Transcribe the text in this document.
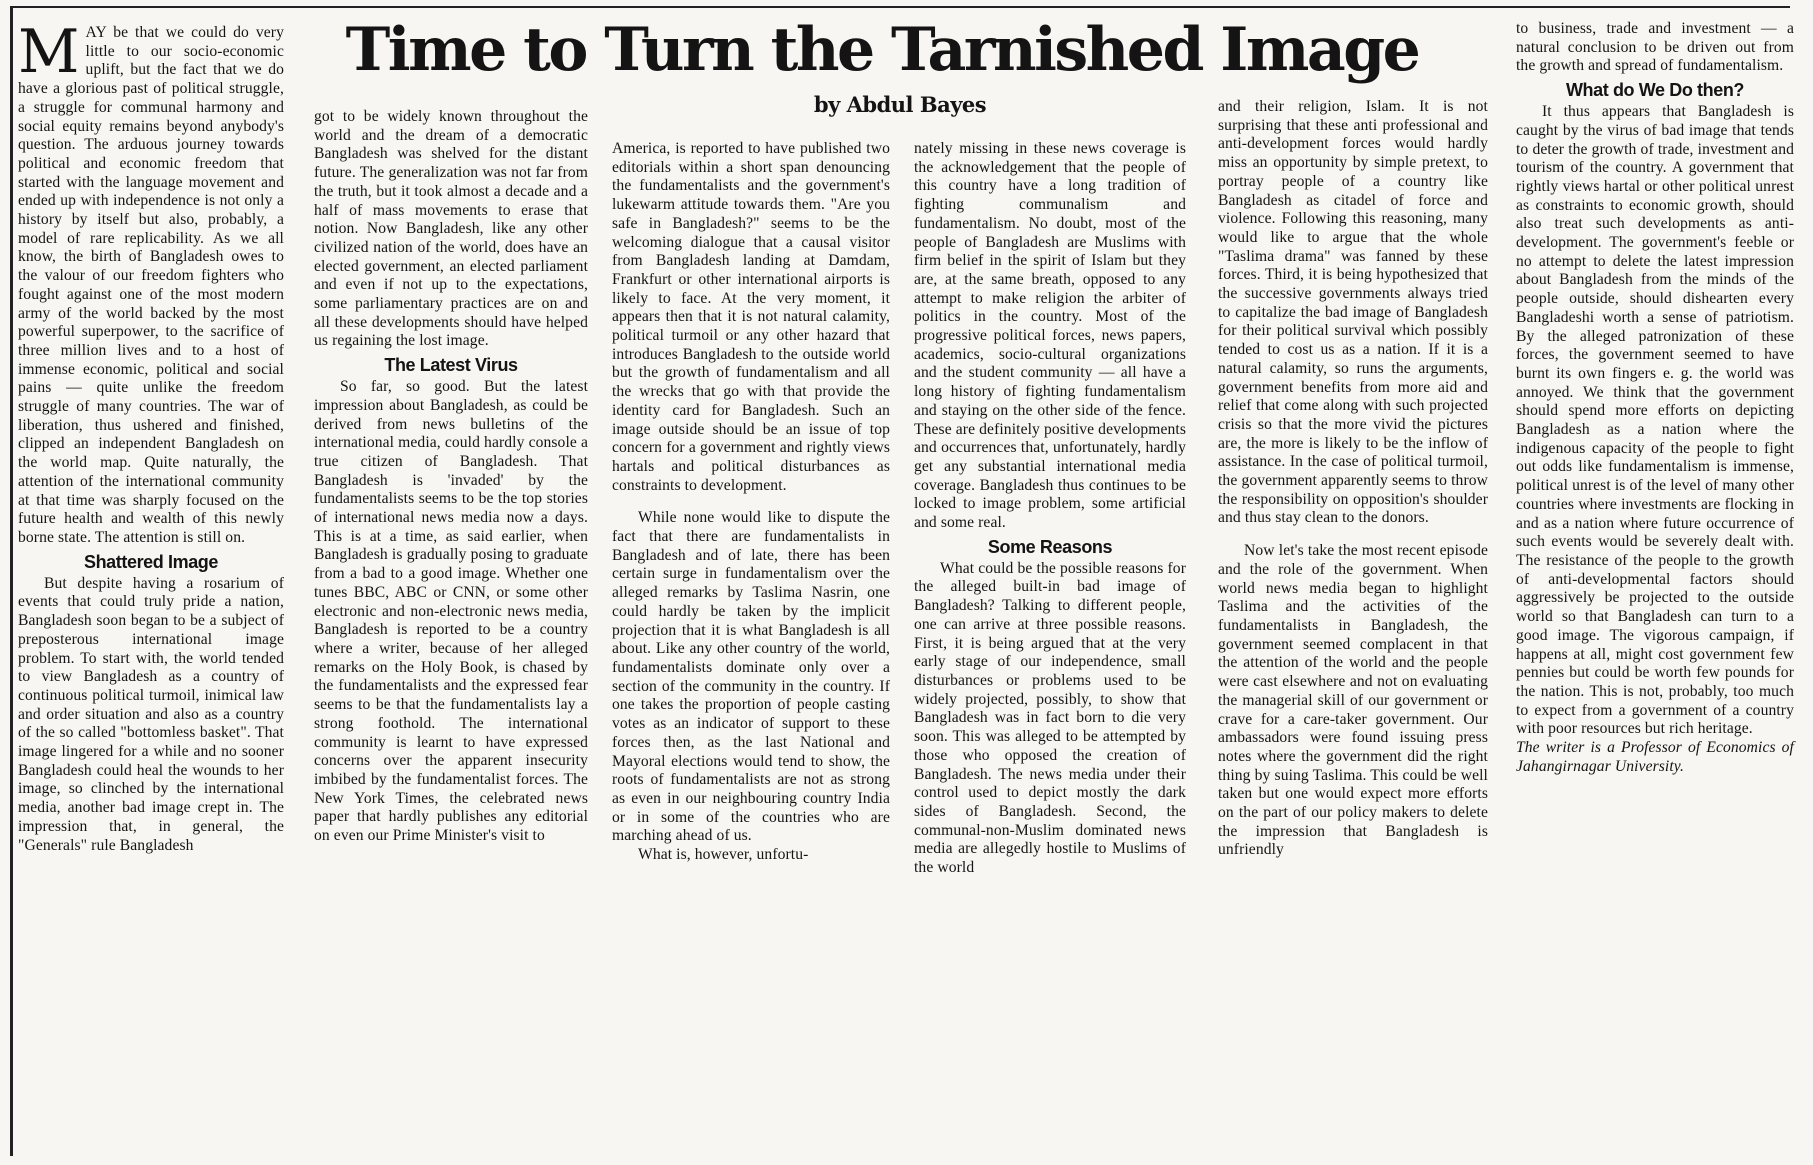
Time to Turn the Tarnished Image
by Abdul Bayes

MAY be that we could do very little to our socio-economic uplift, but the fact that we do have a glorious past of political struggle, a struggle for communal harmony and social equity remains beyond anybody's question. The arduous journey towards political and economic freedom that started with the language movement and ended up with independence is not only a history by itself but also, probably, a model of rare replicability. As we all know, the birth of Bangladesh owes to the valour of our freedom fighters who fought against one of the most modern army of the world backed by the most powerful superpower, to the sacrifice of three million lives and to a host of immense economic, political and social pains — quite unlike the freedom struggle of many countries. The war of liberation, thus ushered and finished, clipped an independent Bangladesh on the world map. Quite naturally, the attention of the international community at that time was sharply focused on the future health and wealth of this newly borne state. The attention is still on.

Shattered Image

But despite having a rosarium of events that could truly pride a nation, Bangladesh soon began to be a subject of preposterous international image problem. To start with, the world tended to view Bangladesh as a country of continuous political turmoil, inimical law and order situation and also as a country of the so called "bottomless basket". That image lingered for a while and no sooner Bangladesh could heal the wounds to her image, so clinched by the international media, another bad image crept in. The impression that, in general, the "Generals" rule Bangladesh

got to be widely known throughout the world and the dream of a democratic Bangladesh was shelved for the distant future. The generalization was not far from the truth, but it took almost a decade and a half of mass movements to erase that notion. Now Bangladesh, like any other civilized nation of the world, does have an elected government, an elected parliament and even if not up to the expectations, some parliamentary practices are on and all these developments should have helped us regaining the lost image.

The Latest Virus

So far, so good. But the latest impression about Bangladesh, as could be derived from news bulletins of the international media, could hardly console a true citizen of Bangladesh. That Bangladesh is 'invaded' by the fundamentalists seems to be the top stories of international news media now a days. This is at a time, as said earlier, when Bangladesh is gradually posing to graduate from a bad to a good image. Whether one tunes BBC, ABC or CNN, or some other electronic and non-electronic news media, Bangladesh is reported to be a country where a writer, because of her alleged remarks on the Holy Book, is chased by the fundamentalists and the expressed fear seems to be that the fundamentalists lay a strong foothold. The international community is learnt to have expressed concerns over the apparent insecurity imbibed by the fundamentalist forces. The New York Times, the celebrated news paper that hardly publishes any editorial on even our Prime Minister's visit to

America, is reported to have published two editorials within a short span denouncing the fundamentalists and the government's lukewarm attitude towards them. "Are you safe in Bangladesh?" seems to be the welcoming dialogue that a causal visitor from Bangladesh landing at Damdam, Frankfurt or other international airports is likely to face. At the very moment, it appears then that it is not natural calamity, political turmoil or any other hazard that introduces Bangladesh to the outside world but the growth of fundamentalism and all the wrecks that go with that provide the identity card for Bangladesh. Such an image outside should be an issue of top concern for a government and rightly views hartals and political disturbances as constraints to development.

While none would like to dispute the fact that there are fundamentalists in Bangladesh and of late, there has been certain surge in fundamentalism over the alleged remarks by Taslima Nasrin, one could hardly be taken by the implicit projection that it is what Bangladesh is all about. Like any other country of the world, fundamentalists dominate only over a section of the community in the country. If one takes the proportion of people casting votes as an indicator of support to these forces then, as the last National and Mayoral elections would tend to show, the roots of fundamentalists are not as strong as even in our neighbouring country India or in some of the countries who are marching ahead of us.

What is, however, unfortu-

nately missing in these news coverage is the acknowledgement that the people of this country have a long tradition of fighting communalism and fundamentalism. No doubt, most of the people of Bangladesh are Muslims with firm belief in the spirit of Islam but they are, at the same breath, opposed to any attempt to make religion the arbiter of politics in the country. Most of the progressive political forces, news papers, academics, socio-cultural organizations and the student community — all have a long history of fighting fundamentalism and staying on the other side of the fence. These are definitely positive developments and occurrences that, unfortunately, hardly get any substantial international media coverage. Bangladesh thus continues to be locked to image problem, some artificial and some real.

Some Reasons

What could be the possible reasons for the alleged built-in bad image of Bangladesh? Talking to different people, one can arrive at three possible reasons. First, it is being argued that at the very early stage of our independence, small disturbances or problems used to be widely projected, possibly, to show that Bangladesh was in fact born to die very soon. This was alleged to be attempted by those who opposed the creation of Bangladesh. The news media under their control used to depict mostly the dark sides of Bangladesh. Second, the communal-non-Muslim dominated news media are allegedly hostile to Muslims of the world

and their religion, Islam. It is not surprising that these anti professional and anti-development forces would hardly miss an opportunity by simple pretext, to portray people of a country like Bangladesh as citadel of force and violence. Following this reasoning, many would like to argue that the whole "Taslima drama" was fanned by these forces. Third, it is being hypothesized that the successive governments always tried to capitalize the bad image of Bangladesh for their political survival which possibly tended to cost us as a nation. If it is a natural calamity, so runs the arguments, government benefits from more aid and relief that come along with such projected crisis so that the more vivid the pictures are, the more is likely to be the inflow of assistance. In the case of political turmoil, the government apparently seems to throw the responsibility on opposition's shoulder and thus stay clean to the donors.

Now let's take the most recent episode and the role of the government. When world news media began to highlight Taslima and the activities of the fundamentalists in Bangladesh, the government seemed complacent in that the attention of the world and the people were cast elsewhere and not on evaluating the managerial skill of our government or crave for a care-taker government. Our ambassadors were found issuing press notes where the government did the right thing by suing Taslima. This could be well taken but one would expect more efforts on the part of our policy makers to delete the impression that Bangladesh is unfriendly

to business, trade and investment — a natural conclusion to be driven out from the growth and spread of fundamentalism.

What do We Do then?

It thus appears that Bangladesh is caught by the virus of bad image that tends to deter the growth of trade, investment and tourism of the country. A government that rightly views hartal or other political unrest as constraints to economic growth, should also treat such developments as anti-development. The government's feeble or no attempt to delete the latest impression about Bangladesh from the minds of the people outside, should dishearten every Bangladeshi worth a sense of patriotism. By the alleged patronization of these forces, the government seemed to have burnt its own fingers e. g. the world was annoyed. We think that the government should spend more efforts on depicting Bangladesh as a nation where the indigenous capacity of the people to fight out odds like fundamentalism is immense, political unrest is of the level of many other countries where investments are flocking in and as a nation where future occurrence of such events would be severely dealt with. The resistance of the people to the growth of anti-developmental factors should aggressively be projected to the outside world so that Bangladesh can turn to a good image. The vigorous campaign, if happens at all, might cost government few pennies but could be worth few pounds for the nation. This is not, probably, too much to expect from a government of a country with poor resources but rich heritage.

The writer is a Professor of Economics of Jahangirnagar University.
